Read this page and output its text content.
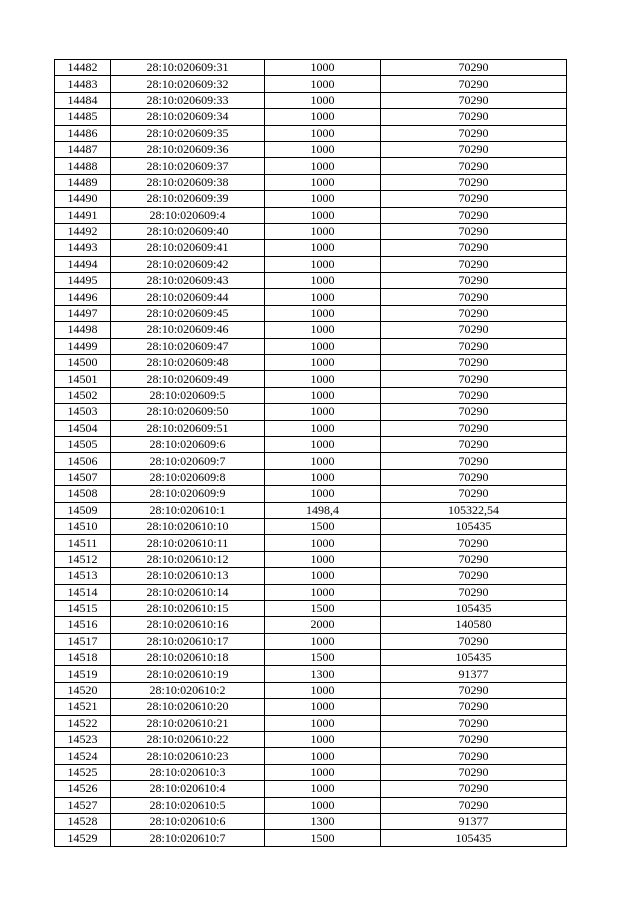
14482	28:10:020609:31	1000	70290
14483	28:10:020609:32	1000	70290
14484	28:10:020609:33	1000	70290
14485	28:10:020609:34	1000	70290
14486	28:10:020609:35	1000	70290
14487	28:10:020609:36	1000	70290
14488	28:10:020609:37	1000	70290
14489	28:10:020609:38	1000	70290
14490	28:10:020609:39	1000	70290
14491	28:10:020609:4	1000	70290
14492	28:10:020609:40	1000	70290
14493	28:10:020609:41	1000	70290
14494	28:10:020609:42	1000	70290
14495	28:10:020609:43	1000	70290
14496	28:10:020609:44	1000	70290
14497	28:10:020609:45	1000	70290
14498	28:10:020609:46	1000	70290
14499	28:10:020609:47	1000	70290
14500	28:10:020609:48	1000	70290
14501	28:10:020609:49	1000	70290
14502	28:10:020609:5	1000	70290
14503	28:10:020609:50	1000	70290
14504	28:10:020609:51	1000	70290
14505	28:10:020609:6	1000	70290
14506	28:10:020609:7	1000	70290
14507	28:10:020609:8	1000	70290
14508	28:10:020609:9	1000	70290
14509	28:10:020610:1	1498,4	105322,54
14510	28:10:020610:10	1500	105435
14511	28:10:020610:11	1000	70290
14512	28:10:020610:12	1000	70290
14513	28:10:020610:13	1000	70290
14514	28:10:020610:14	1000	70290
14515	28:10:020610:15	1500	105435
14516	28:10:020610:16	2000	140580
14517	28:10:020610:17	1000	70290
14518	28:10:020610:18	1500	105435
14519	28:10:020610:19	1300	91377
14520	28:10:020610:2	1000	70290
14521	28:10:020610:20	1000	70290
14522	28:10:020610:21	1000	70290
14523	28:10:020610:22	1000	70290
14524	28:10:020610:23	1000	70290
14525	28:10:020610:3	1000	70290
14526	28:10:020610:4	1000	70290
14527	28:10:020610:5	1000	70290
14528	28:10:020610:6	1300	91377
14529	28:10:020610:7	1500	105435
